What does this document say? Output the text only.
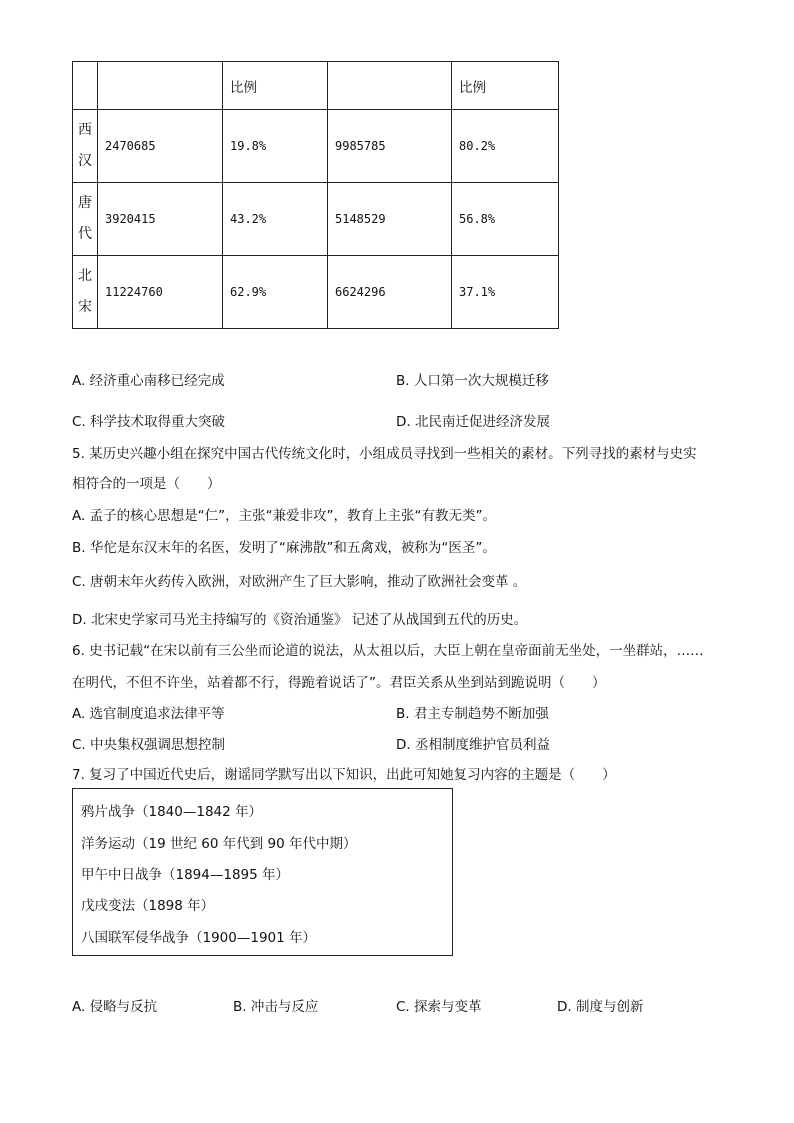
		比例		比例
西
汉	2470685	19.8%	9985785	80.2%
唐
代	3920415	43.2%	5148529	56.8%
北
宋	11224760	62.9%	6624296	37.1%
A. 经济重心南移已经完成	B. 人口第一次大规模迁移
C. 科学技术取得重大突破	D. 北民南迁促进经济发展
5. 某历史兴趣小组在探究中国古代传统文化时，小组成员寻找到一些相关的素材。下列寻找的素材与史实
相符合的一项是（　　）
A. 孟子的核心思想是“仁”，主张“兼爱非攻”，教育上主张“有教无类”。
B. 华佗是东汉末年的名医，发明了“麻沸散”和五禽戏，被称为“医圣”。
C. 唐朝末年火药传入欧洲，对欧洲产生了巨大影响，推动了欧洲社会变革 。
D. 北宋史学家司马光主持编写的《资治通鉴》 记述了从战国到五代的历史。
6. 史书记载“在宋以前有三公坐而论道的说法，从太祖以后，大臣上朝在皇帝面前无坐处，一坐群站，……
在明代，不但不许坐，站着都不行，得跪着说话了”。君臣关系从坐到站到跪说明（　　）
A. 选官制度追求法律平等	B. 君主专制趋势不断加强
C. 中央集权强调思想控制	D. 丞相制度维护官员利益
7. 复习了中国近代史后，谢谣同学默写出以下知识，出此可知她复习内容的主题是（　　）
鸦片战争（1840—1842 年）
洋务运动（19 世纪 60 年代到 90 年代中期）
甲午中日战争（1894—1895 年）
戊戌变法（1898 年）
八国联军侵华战争（1900—1901 年）
A. 侵略与反抗	B. 冲击与反应	C. 探索与变革	D. 制度与创新
